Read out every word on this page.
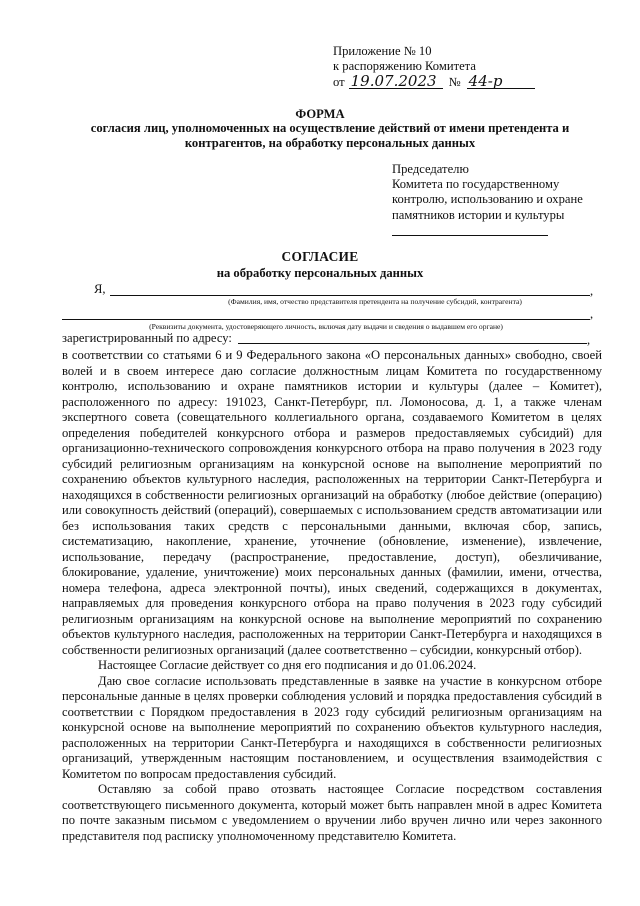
Приложение № 10
к распоряжению Комитета
от 19.07.2023 № 44-р
ФОРМА
согласия лиц, уполномоченных на осуществление действий от имени претендента и контрагентов, на обработку персональных данных
Председателю
Комитета по государственному
контролю, использованию и охране
памятников истории и культуры
СОГЛАСИЕ
на обработку персональных данных
Я,	,
(Фамилия, имя, отчество представителя претендента на получение субсидий, контрагента)
,
(Реквизиты документа, удостоверяющего личность, включая дату выдачи и сведения о выдавшем его органе)
зарегистрированный по адресу:	,

в соответствии со статьями 6 и 9 Федерального закона «О персональных данных» свободно, своей волей и в своем интересе даю согласие должностным лицам Комитета по государственному контролю, использованию и охране памятников истории и культуры (далее – Комитет), расположенного по адресу: 191023, Санкт-Петербург, пл. Ломоносова, д. 1, а также членам экспертного совета (совещательного коллегиального органа, создаваемого Комитетом в целях определения победителей конкурсного отбора и размеров предоставляемых субсидий) для организационно-технического сопровождения конкурсного отбора на право получения в 2023 году субсидий религиозным организациям на конкурсной основе на выполнение мероприятий по сохранению объектов культурного наследия, расположенных на территории Санкт-Петербурга и находящихся в собственности религиозных организаций на обработку (любое действие (операцию) или совокупность действий (операций), совершаемых с использованием средств автоматизации или без использования таких средств с персональными данными, включая сбор, запись, систематизацию, накопление, хранение, уточнение (обновление, изменение), извлечение, использование, передачу (распространение, предоставление, доступ), обезличивание, блокирование, удаление, уничтожение) моих персональных данных (фамилии, имени, отчества, номера телефона, адреса электронной почты), иных сведений, содержащихся в документах, направляемых для проведения конкурсного отбора на право получения в 2023 году субсидий религиозным организациям на конкурсной основе на выполнение мероприятий по сохранению объектов культурного наследия, расположенных на территории Санкт-Петербурга и находящихся в собственности религиозных организаций (далее соответственно – субсидии, конкурсный отбор).

Настоящее Согласие действует со дня его подписания и до 01.06.2024.

Даю свое согласие использовать представленные в заявке на участие в конкурсном отборе персональные данные в целях проверки соблюдения условий и порядка предоставления субсидий в соответствии с Порядком предоставления в 2023 году субсидий религиозным организациям на конкурсной основе на выполнение мероприятий по сохранению объектов культурного наследия, расположенных на территории Санкт-Петербурга и находящихся в собственности религиозных организаций, утвержденным настоящим постановлением, и осуществления взаимодействия с Комитетом по вопросам предоставления субсидий.

Оставляю за собой право отозвать настоящее Согласие посредством составления соответствующего письменного документа, который может быть направлен мной в адрес Комитета по почте заказным письмом с уведомлением о вручении либо вручен лично или через законного представителя под расписку уполномоченному представителю Комитета.
